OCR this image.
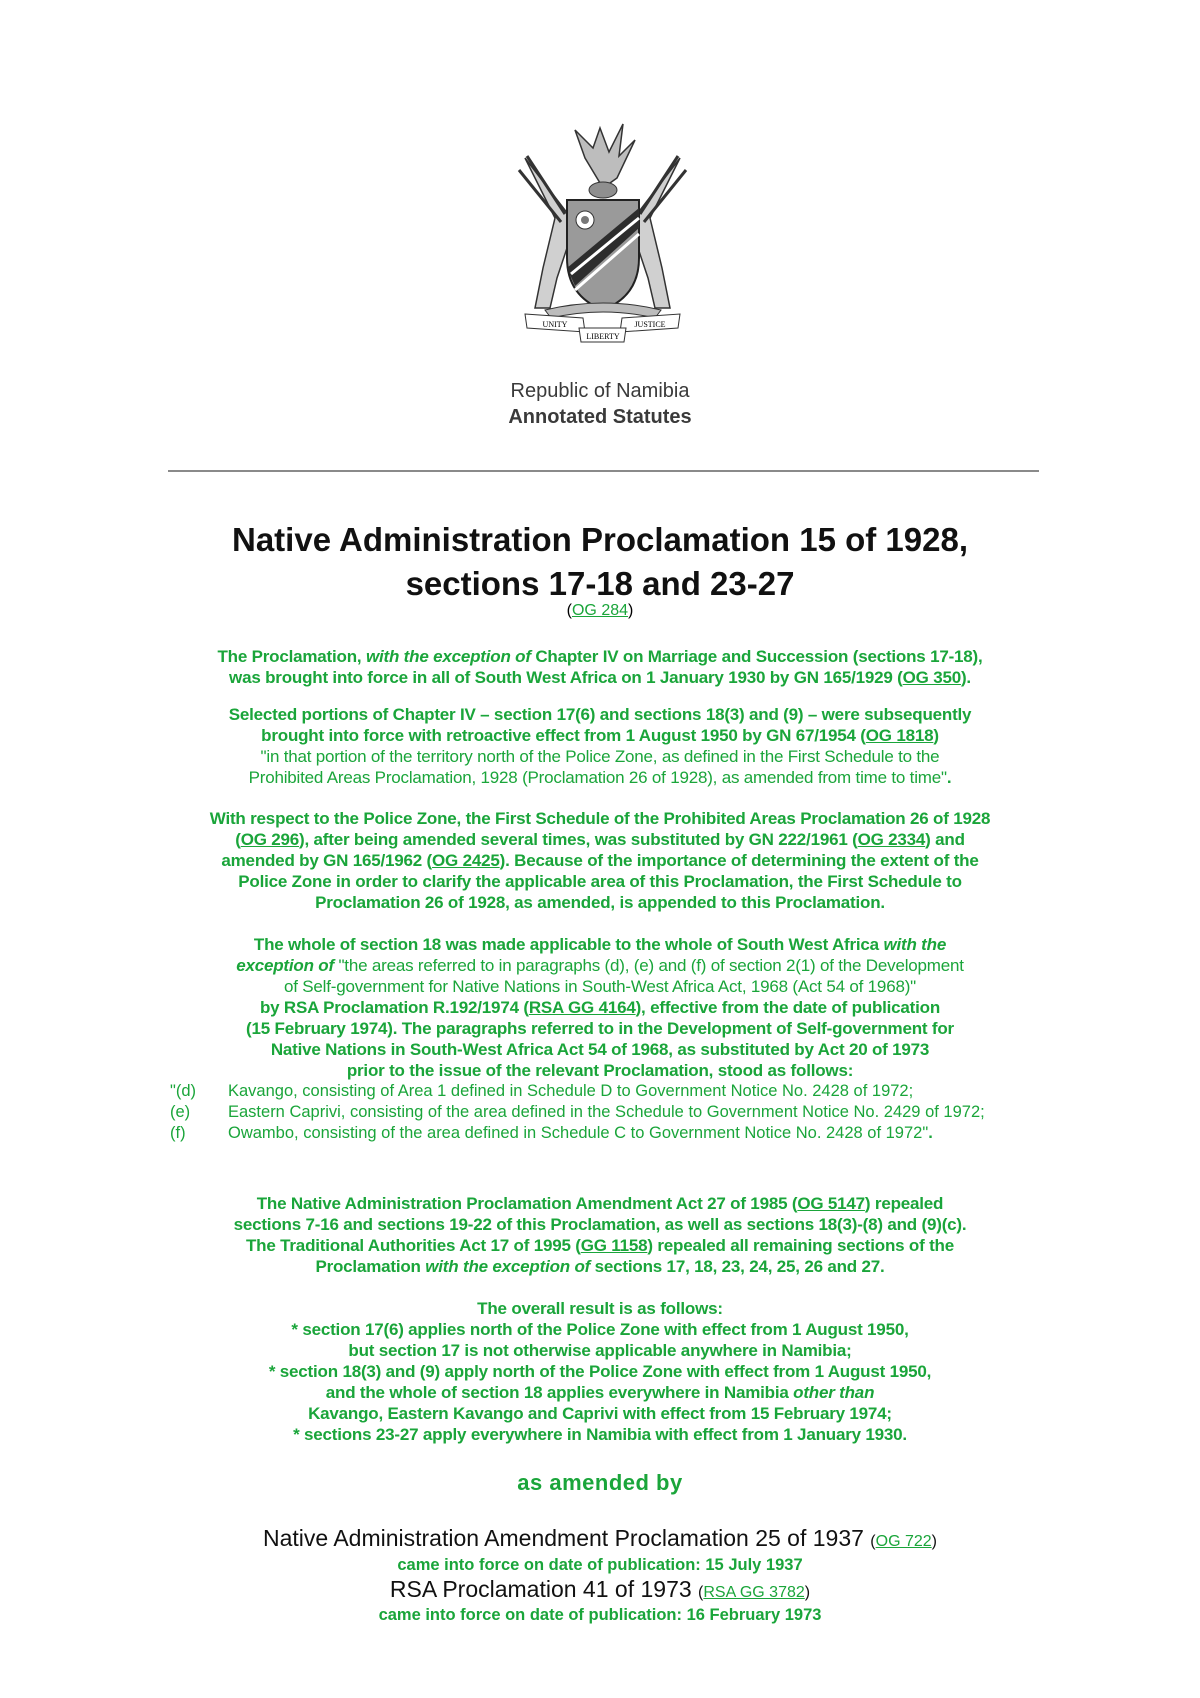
UNITY	JUSTICE
LIBERTY
Republic of Namibia
Annotated Statutes
Native Administration Proclamation 15 of 1928,
sections 17-18 and 23-27
(OG 284)
The Proclamation, with the exception of Chapter IV on Marriage and Succession (sections 17-18),
was brought into force in all of South West Africa on 1 January 1930 by GN 165/1929 (OG 350).
Selected portions of Chapter IV – section 17(6) and sections 18(3) and (9) – were subsequently
brought into force with retroactive effect from 1 August 1950 by GN 67/1954 (OG 1818)
"in that portion of the territory north of the Police Zone, as defined in the First Schedule to the
Prohibited Areas Proclamation, 1928 (Proclamation 26 of 1928), as amended from time to time".
With respect to the Police Zone, the First Schedule of the Prohibited Areas Proclamation 26 of 1928
(OG 296), after being amended several times, was substituted by GN 222/1961 (OG 2334) and
amended by GN 165/1962 (OG 2425). Because of the importance of determining the extent of the
Police Zone in order to clarify the applicable area of this Proclamation, the First Schedule to
Proclamation 26 of 1928, as amended, is appended to this Proclamation.
The whole of section 18 was made applicable to the whole of South West Africa with the
exception of "the areas referred to in paragraphs (d), (e) and (f) of section 2(1) of the Development
of Self-government for Native Nations in South-West Africa Act, 1968 (Act 54 of 1968)"
by RSA Proclamation R.192/1974 (RSA GG 4164), effective from the date of publication
(15 February 1974). The paragraphs referred to in the Development of Self-government for
Native Nations in South-West Africa Act 54 of 1968, as substituted by Act 20 of 1973
prior to the issue of the relevant Proclamation, stood as follows:
"(d)	Kavango, consisting of Area 1 defined in Schedule D to Government Notice No. 2428 of 1972;
(e)	Eastern Caprivi, consisting of the area defined in the Schedule to Government Notice No. 2429 of 1972;
(f)	Owambo, consisting of the area defined in Schedule C to Government Notice No. 2428 of 1972".
The Native Administration Proclamation Amendment Act 27 of 1985 (OG 5147) repealed
sections 7-16 and sections 19-22 of this Proclamation, as well as sections 18(3)-(8) and (9)(c).
The Traditional Authorities Act 17 of 1995 (GG 1158) repealed all remaining sections of the
Proclamation with the exception of sections 17, 18, 23, 24, 25, 26 and 27.
The overall result is as follows:
* section 17(6) applies north of the Police Zone with effect from 1 August 1950,
but section 17 is not otherwise applicable anywhere in Namibia;
* section 18(3) and (9) apply north of the Police Zone with effect from 1 August 1950,
and the whole of section 18 applies everywhere in Namibia other than
Kavango, Eastern Kavango and Caprivi with effect from 15 February 1974;
* sections 23-27 apply everywhere in Namibia with effect from 1 January 1930.
as amended by
Native Administration Amendment Proclamation 25 of 1937 (OG 722)
came into force on date of publication: 15 July 1937
RSA Proclamation 41 of 1973 (RSA GG 3782)
came into force on date of publication: 16 February 1973
